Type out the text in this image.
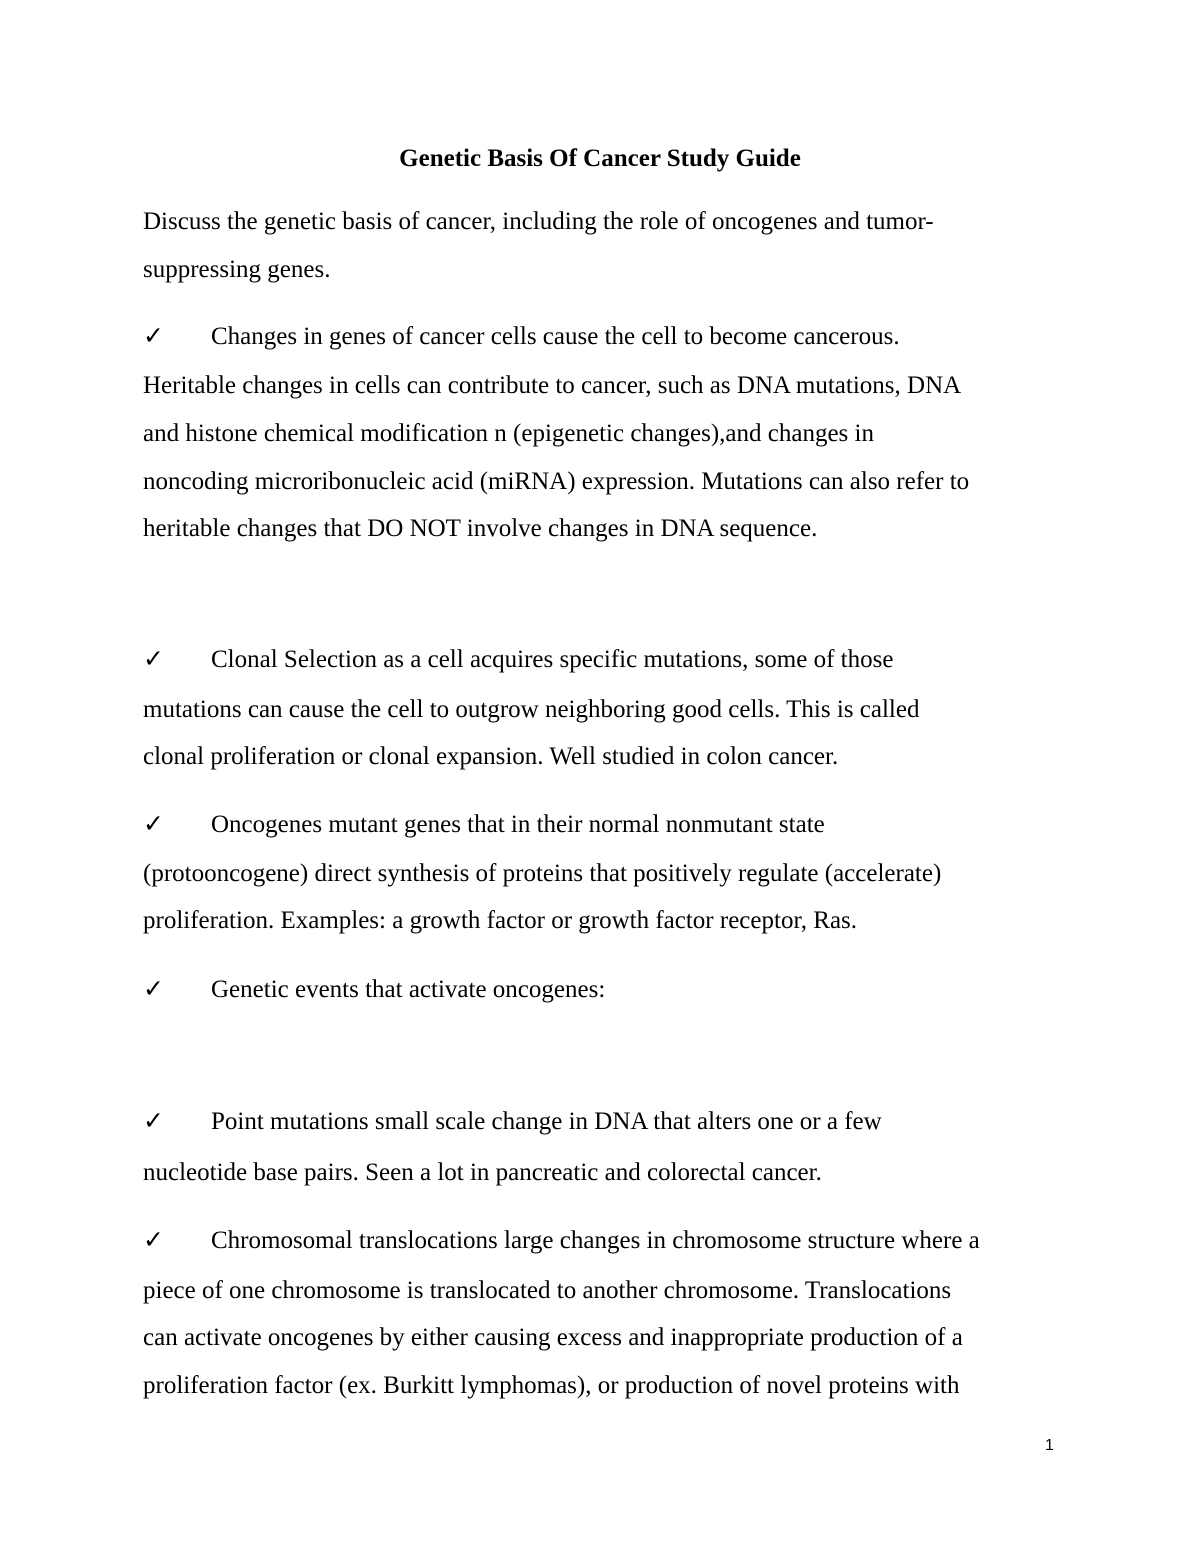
Genetic Basis Of Cancer Study Guide

Discuss the genetic basis of cancer, including the role of oncogenes and tumor-

suppressing genes.

✓ Changes in genes of cancer cells cause the cell to become cancerous.

Heritable changes in cells can contribute to cancer, such as DNA mutations, DNA

and histone chemical modification n (epigenetic changes),and changes in

noncoding microribonucleic acid (miRNA) expression. Mutations can also refer to

heritable changes that DO NOT involve changes in DNA sequence.

✓ Clonal Selection as a cell acquires specific mutations, some of those

mutations can cause the cell to outgrow neighboring good cells. This is called

clonal proliferation or clonal expansion. Well studied in colon cancer.

✓ Oncogenes mutant genes that in their normal nonmutant state

(protooncogene) direct synthesis of proteins that positively regulate (accelerate)

proliferation. Examples: a growth factor or growth factor receptor, Ras.

✓ Genetic events that activate oncogenes:
✓ Point mutations small scale change in DNA that alters one or a few

nucleotide base pairs. Seen a lot in pancreatic and colorectal cancer.

✓ Chromosomal translocations large changes in chromosome structure where a

piece of one chromosome is translocated to another chromosome. Translocations

can activate oncogenes by either causing excess and inappropriate production of a

proliferation factor (ex. Burkitt lymphomas), or production of novel proteins with

1
